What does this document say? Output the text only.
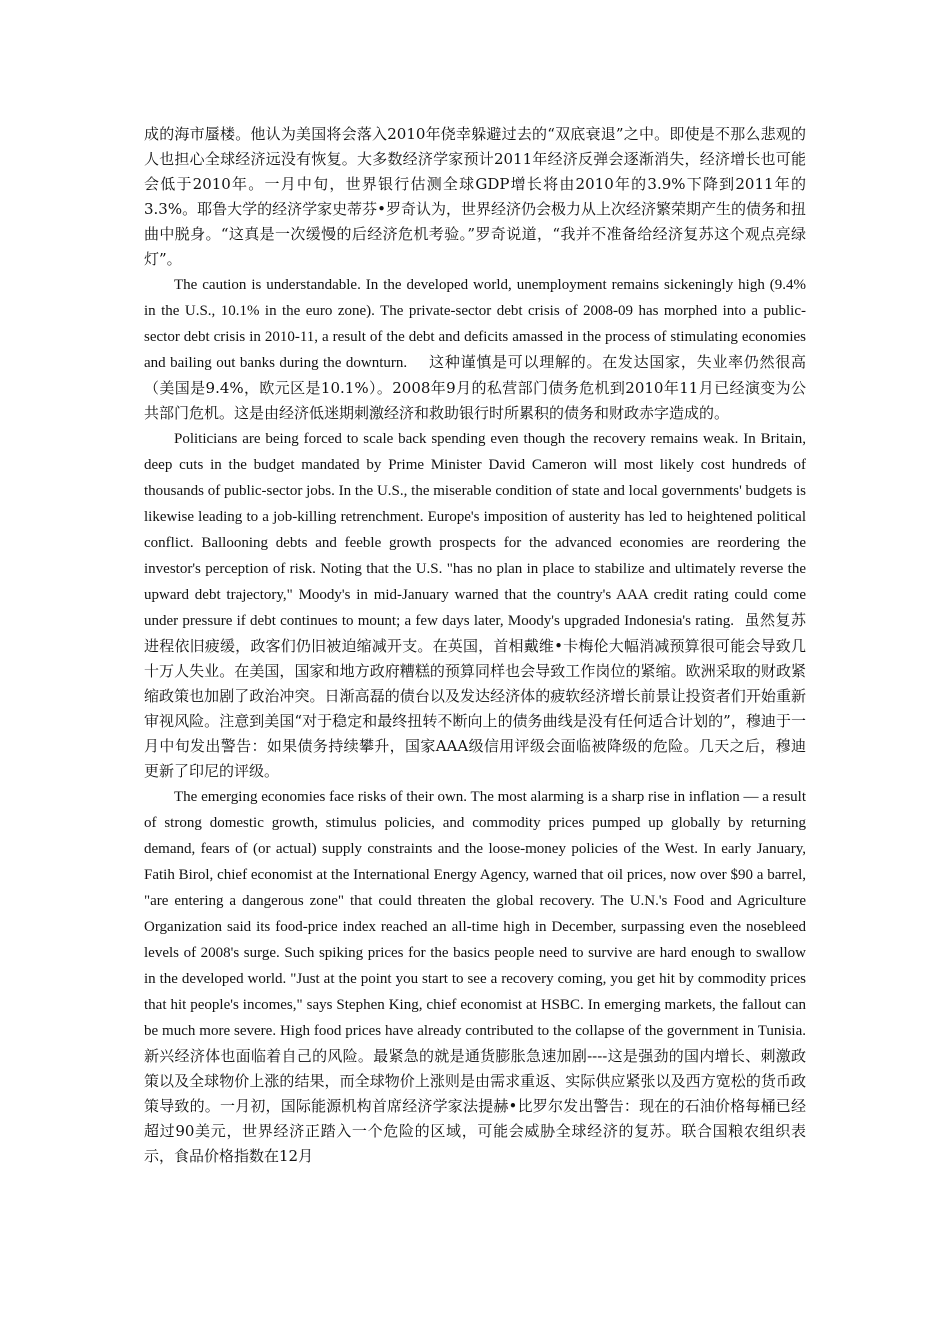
成的海市蜃楼。他认为美国将会落入2010年侥幸躲避过去的“双底衰退”之中。即使是不那么悲观的人也担心全球经济远没有恢复。大多数经济学家预计2011年经济反弹会逐渐消失，经济增长也可能会低于2010年。一月中旬，世界银行估测全球GDP增长将由2010年的3.9%下降到2011年的3.3%。耶鲁大学的经济学家史蒂芬•罗奇认为，世界经济仍会极力从上次经济繁荣期产生的债务和扭曲中脱身。“这真是一次缓慢的后经济危机考验。”罗奇说道，“我并不准备给经济复苏这个观点亮绿灯”。

The caution is understandable. In the developed world, unemployment remains sickeningly high (9.4% in the U.S., 10.1% in the euro zone). The private-sector debt crisis of 2008-09 has morphed into a public-sector debt crisis in 2010-11, a result of the debt and deficits amassed in the process of stimulating economies and bailing out banks during the downturn. 这种谨慎是可以理解的。在发达国家，失业率仍然很高（美国是9.4%，欧元区是10.1%）。2008年9月的私营部门债务危机到2010年11月已经演变为公共部门危机。这是由经济低迷期刺激经济和救助银行时所累积的债务和财政赤字造成的。

Politicians are being forced to scale back spending even though the recovery remains weak. In Britain, deep cuts in the budget mandated by Prime Minister David Cameron will most likely cost hundreds of thousands of public-sector jobs. In the U.S., the miserable condition of state and local governments' budgets is likewise leading to a job-killing retrenchment. Europe's imposition of austerity has led to heightened political conflict. Ballooning debts and feeble growth prospects for the advanced economies are reordering the investor's perception of risk. Noting that the U.S. "has no plan in place to stabilize and ultimately reverse the upward debt trajectory," Moody's in mid-January warned that the country's AAA credit rating could come under pressure if debt continues to mount; a few days later, Moody's upgraded Indonesia's rating. 虽然复苏进程依旧疲缓，政客们仍旧被迫缩减开支。在英国，首相戴维•卡梅伦大幅消减预算很可能会导致几十万人失业。在美国，国家和地方政府糟糕的预算同样也会导致工作岗位的紧缩。欧洲采取的财政紧缩政策也加剧了政治冲突。日渐高磊的债台以及发达经济体的疲软经济增长前景让投资者们开始重新审视风险。注意到美国“对于稳定和最终扭转不断向上的债务曲线是没有任何适合计划的”，穆迪于一月中旬发出警告：如果债务持续攀升，国家AAA级信用评级会面临被降级的危险。几天之后，穆迪更新了印尼的评级。

The emerging economies face risks of their own. The most alarming is a sharp rise in inflation — a result of strong domestic growth, stimulus policies, and commodity prices pumped up globally by returning demand, fears of (or actual) supply constraints and the loose-money policies of the West. In early January, Fatih Birol, chief economist at the International Energy Agency, warned that oil prices, now over $90 a barrel, "are entering a dangerous zone" that could threaten the global recovery. The U.N.'s Food and Agriculture Organization said its food-price index reached an all-time high in December, surpassing even the nosebleed levels of 2008's surge. Such spiking prices for the basics people need to survive are hard enough to swallow in the developed world. "Just at the point you start to see a recovery coming, you get hit by commodity prices that hit people's incomes," says Stephen King, chief economist at HSBC. In emerging markets, the fallout can be much more severe. High food prices have already contributed to the collapse of the government in Tunisia. 新兴经济体也面临着自己的风险。最紧急的就是通货膨胀急速加剧----这是强劲的国内增长、刺激政策以及全球物价上涨的结果，而全球物价上涨则是由需求重返、实际供应紧张以及西方宽松的货币政策导致的。一月初，国际能源机构首席经济学家法提赫•比罗尔发出警告：现在的石油价格每桶已经超过90美元，世界经济正踏入一个危险的区域，可能会威胁全球经济的复苏。联合国粮农组织表示，食品价格指数在12月
